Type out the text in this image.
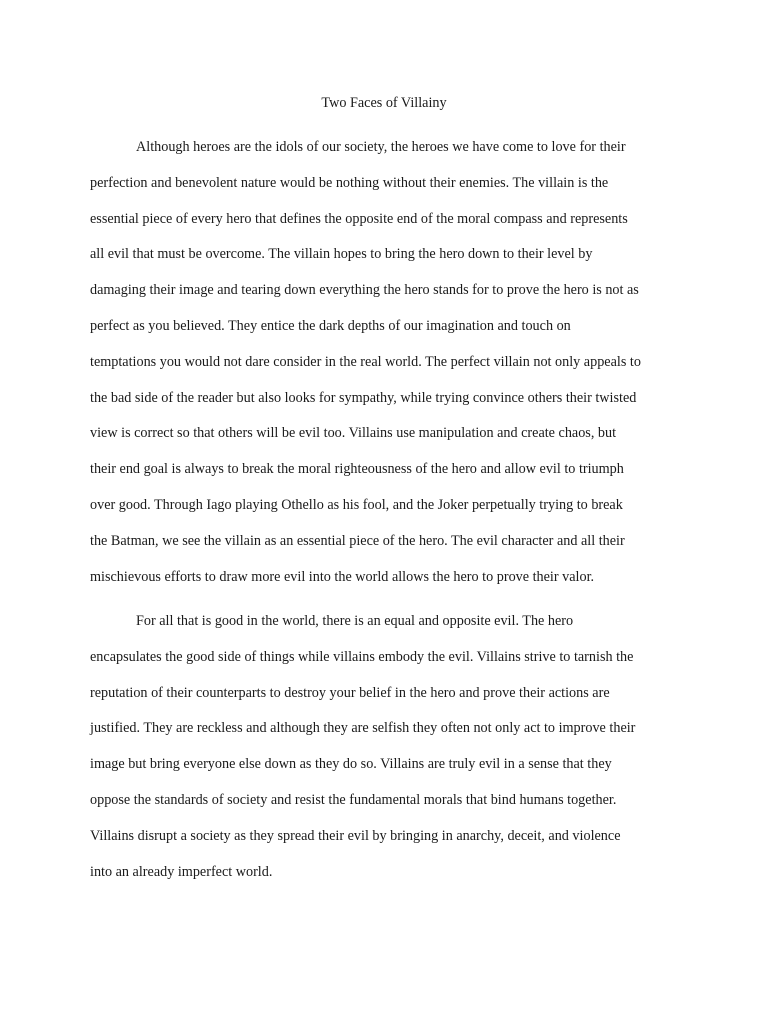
Two Faces of Villainy
Although heroes are the idols of our society, the heroes we have come to love for their
perfection and benevolent nature would be nothing without their enemies. The villain is the
essential piece of every hero that defines the opposite end of the moral compass and represents
all evil that must be overcome. The villain hopes to bring the hero down to their level by
damaging their image and tearing down everything the hero stands for to prove the hero is not as
perfect as you believed. They entice the dark depths of our imagination and touch on
temptations you would not dare consider in the real world. The perfect villain not only appeals to
the bad side of the reader but also looks for sympathy, while trying convince others their twisted
view is correct so that others will be evil too. Villains use manipulation and create chaos, but
their end goal is always to break the moral righteousness of the hero and allow evil to triumph
over good. Through Iago playing Othello as his fool, and the Joker perpetually trying to break
the Batman, we see the villain as an essential piece of the hero. The evil character and all their
mischievous efforts to draw more evil into the world allows the hero to prove their valor.
For all that is good in the world, there is an equal and opposite evil. The hero
encapsulates the good side of things while villains embody the evil. Villains strive to tarnish the
reputation of their counterparts to destroy your belief in the hero and prove their actions are
justified. They are reckless and although they are selfish they often not only act to improve their
image but bring everyone else down as they do so. Villains are truly evil in a sense that they
oppose the standards of society and resist the fundamental morals that bind humans together.
Villains disrupt a society as they spread their evil by bringing in anarchy, deceit, and violence
into an already imperfect world.
